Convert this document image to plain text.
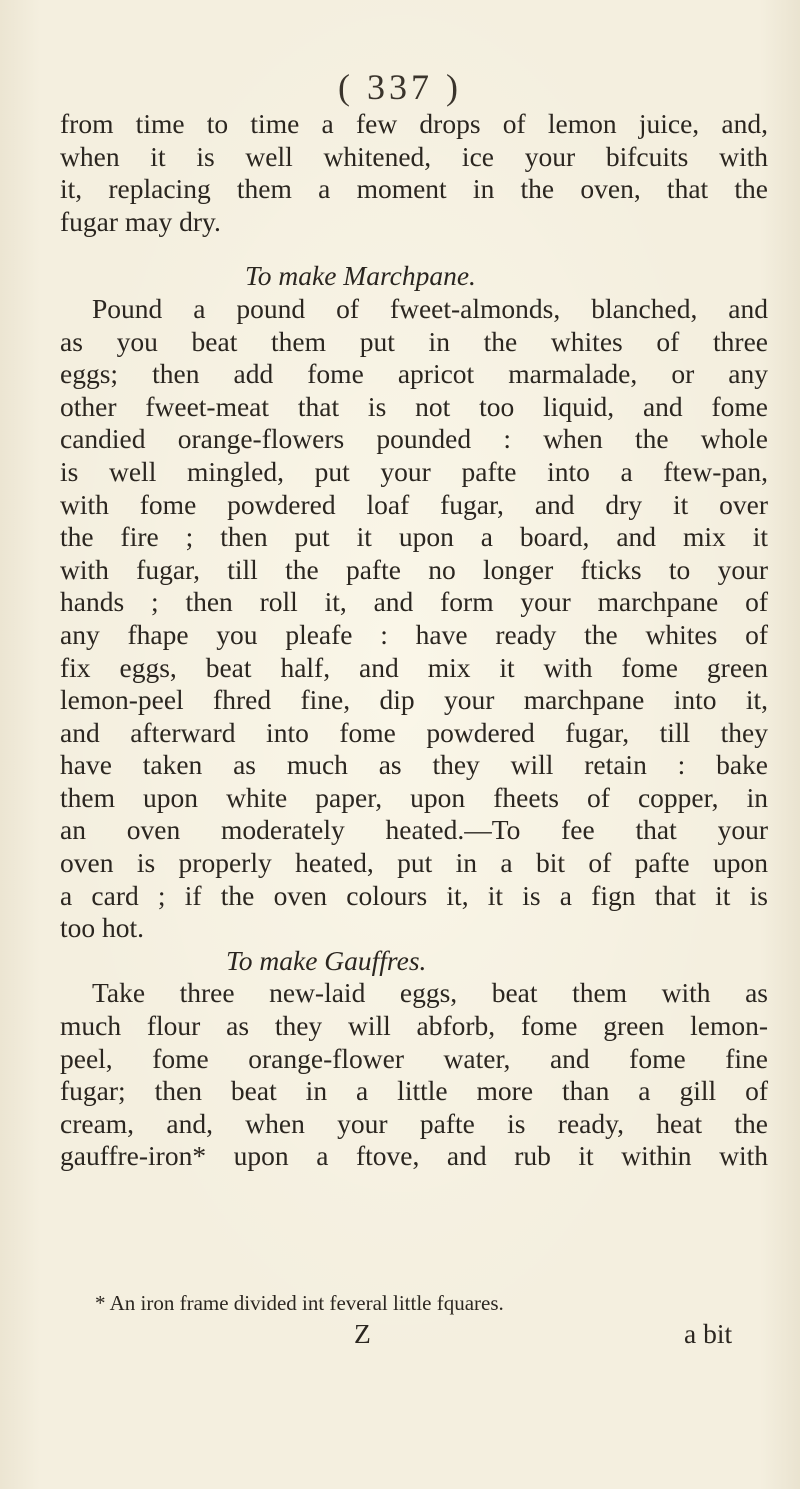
( 337 )
from time to time a few drops of lemon juice, and,
when it is well whitened, ice your bifcuits with
it, replacing them a moment in the oven, that the
fugar may dry.
To make Marchpane.
Pound a pound of fweet-almonds, blanched, and
as you beat them put in the whites of three
eggs; then add fome apricot marmalade, or any
other fweet-meat that is not too liquid, and fome
candied orange-flowers pounded : when the whole
is well mingled, put your pafte into a ftew-pan,
with fome powdered loaf fugar, and dry it over
the fire ; then put it upon a board, and mix it
with fugar, till the pafte no longer fticks to your
hands ; then roll it, and form your marchpane of
any fhape you pleafe : have ready the whites of
fix eggs, beat half, and mix it with fome green
lemon-peel fhred fine, dip your marchpane into it,
and afterward into fome powdered fugar, till they
have taken as much as they will retain : bake
them upon white paper, upon fheets of copper, in
an oven moderately heated.—To fee that your
oven is properly heated, put in a bit of pafte upon
a card ; if the oven colours it, it is a fign that it is
too hot.
To make Gauffres.
Take three new-laid eggs, beat them with as
much flour as they will abforb, fome green lemon-
peel, fome orange-flower water, and fome fine
fugar; then beat in a little more than a gill of
cream, and, when your pafte is ready, heat the
gauffre-iron* upon a ftove, and rub it within with
* An iron frame divided int feveral little fquares.
Z	a bit
